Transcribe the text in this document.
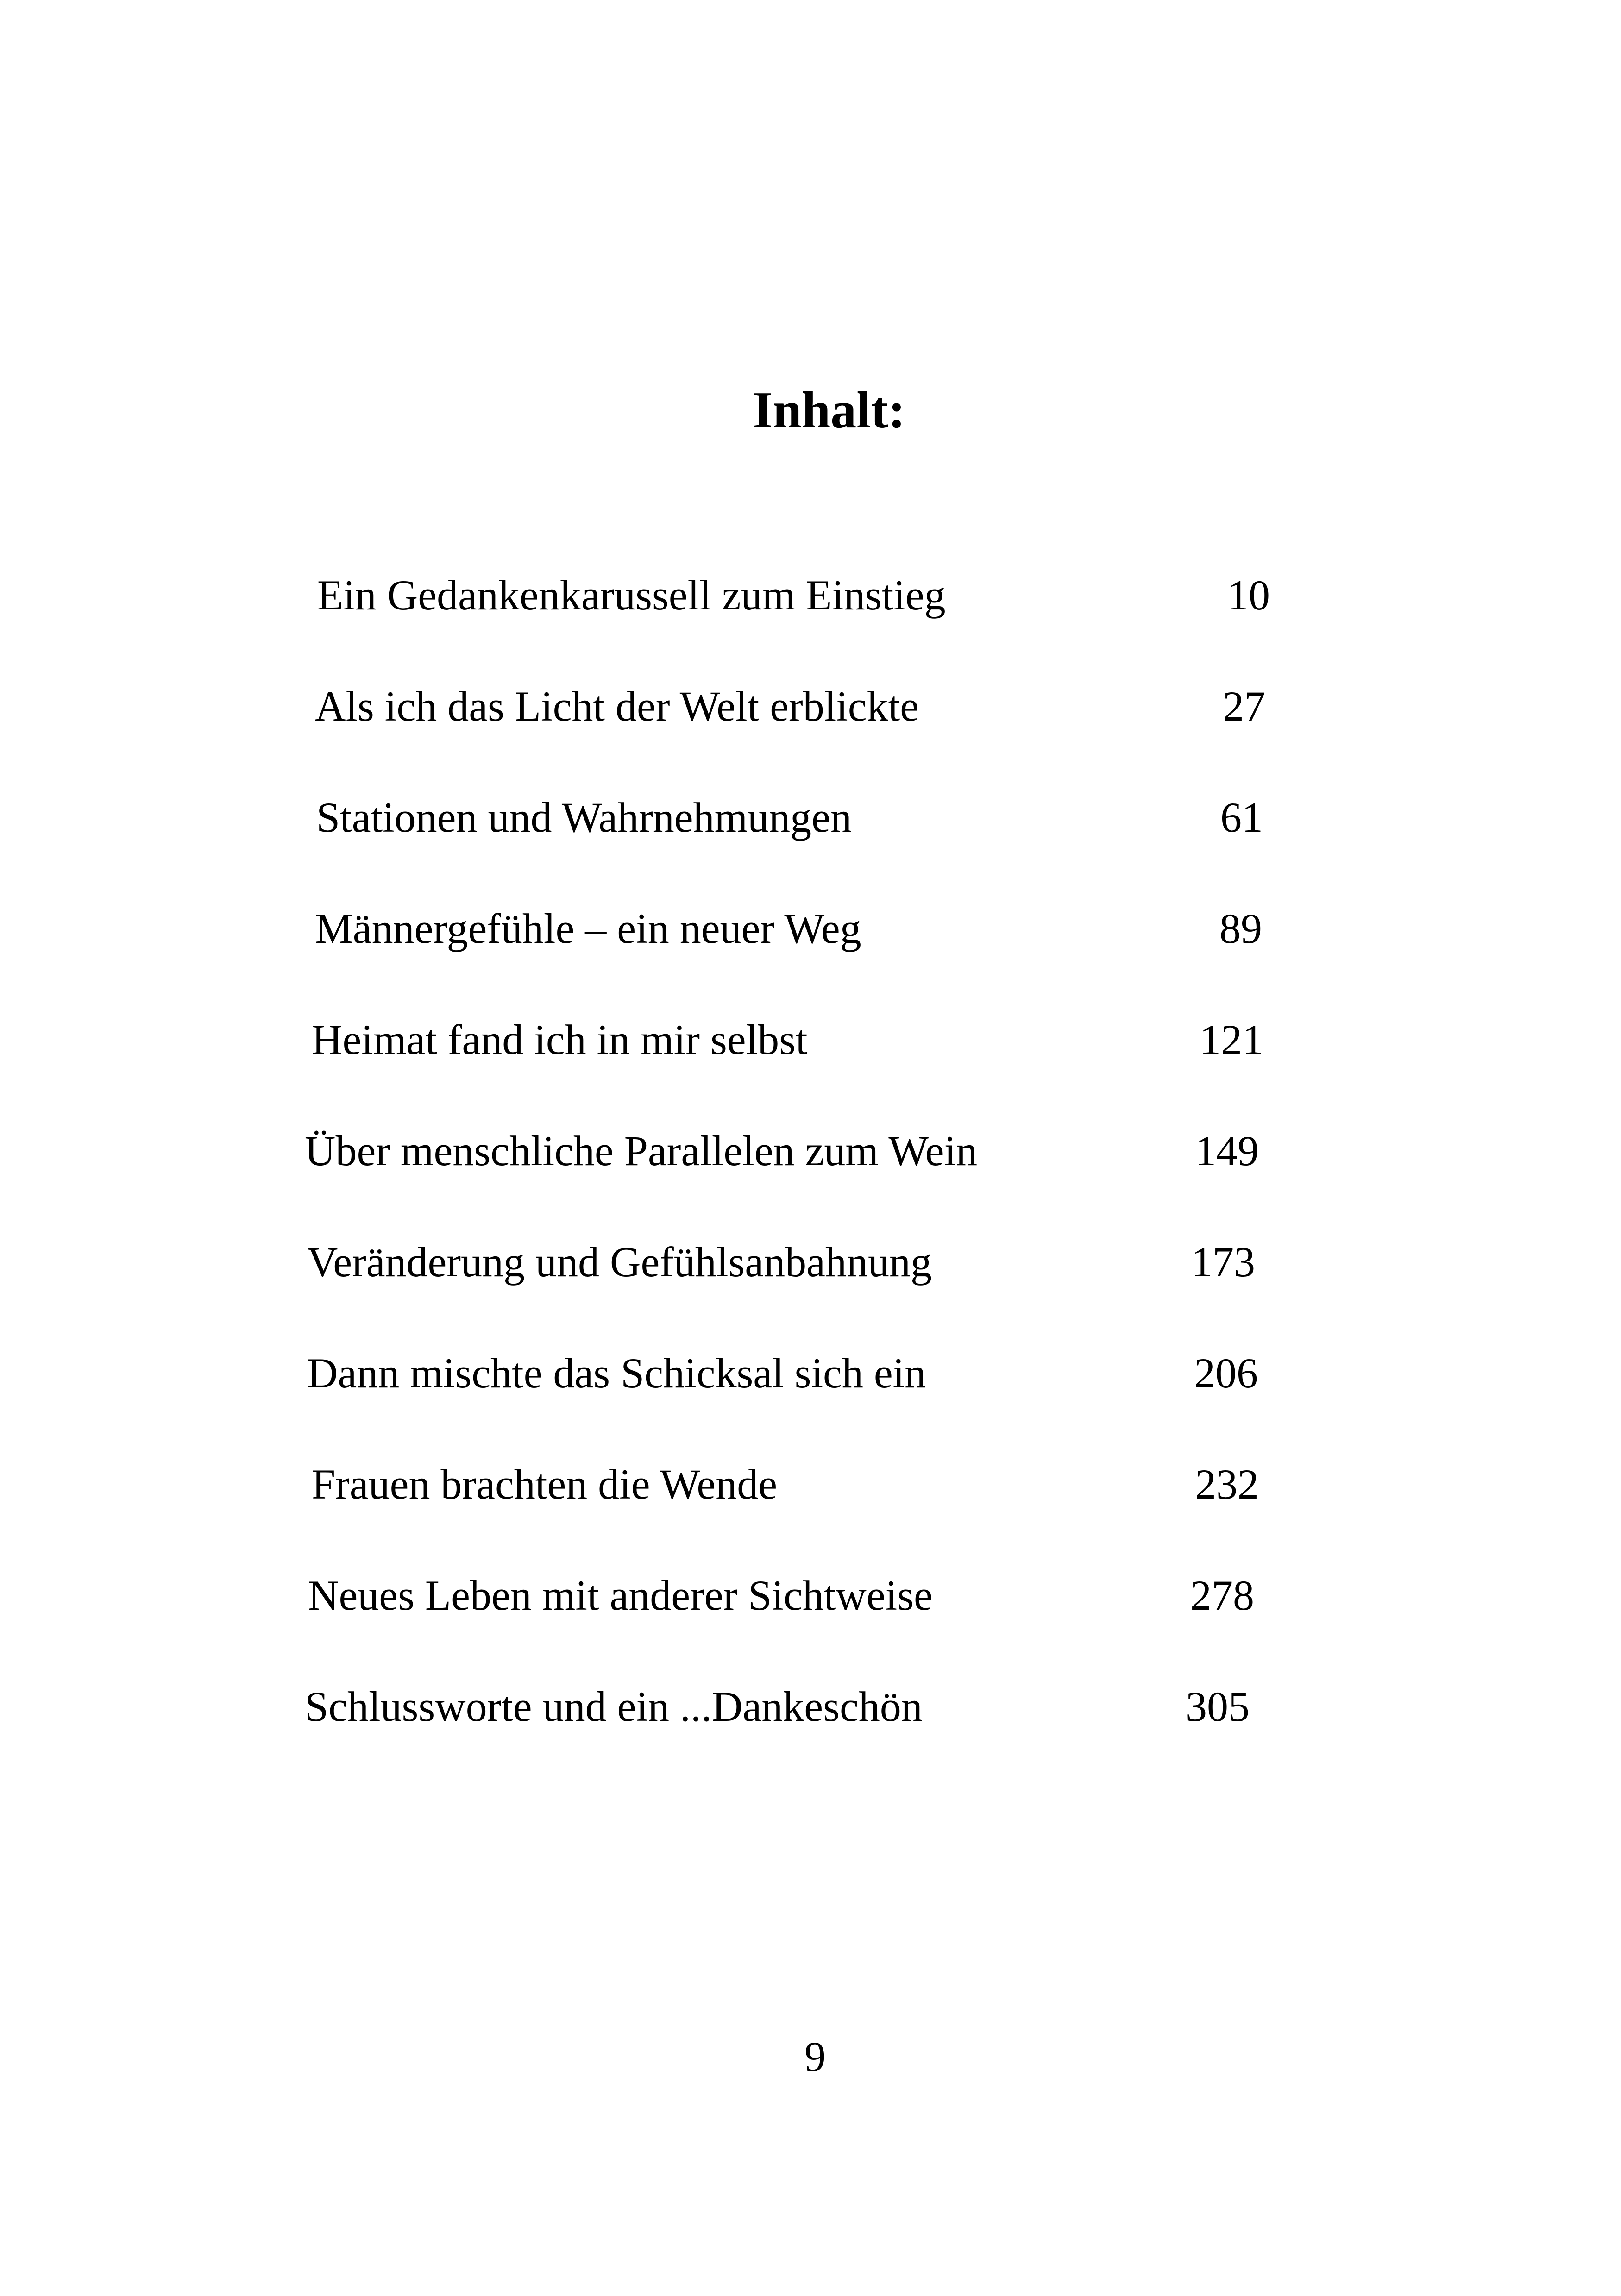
Inhalt:
Ein Gedankenkarussell zum Einstieg	10
Als ich das Licht der Welt erblickte	27
Stationen und Wahrnehmungen	61
Männergefühle – ein neuer Weg	89
Heimat fand ich in mir selbst	121
Über menschliche Parallelen zum Wein	149
Veränderung und Gefühlsanbahnung	173
Dann mischte das Schicksal sich ein	206
Frauen brachten die Wende	232
Neues Leben mit anderer Sichtweise	278
Schlussworte und ein ...Dankeschön	305
9
